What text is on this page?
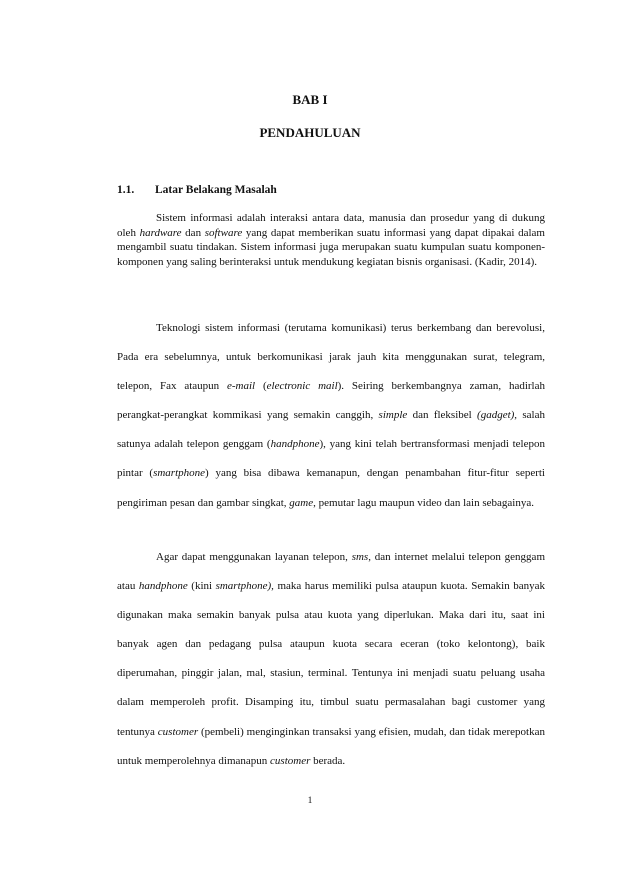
BAB I
PENDAHULUAN
1.1. Latar Belakang Masalah

Sistem informasi adalah interaksi antara data, manusia dan prosedur yang di dukung oleh hardware dan software yang dapat memberikan suatu informasi yang dapat dipakai dalam mengambil suatu tindakan. Sistem informasi juga merupakan suatu kumpulan suatu komponen-komponen yang saling berinteraksi untuk mendukung kegiatan bisnis organisasi. (Kadir, 2014).

Teknologi sistem informasi (terutama komunikasi) terus berkembang dan berevolusi, Pada era sebelumnya, untuk berkomunikasi jarak jauh kita menggunakan surat, telegram, telepon, Fax ataupun e-mail (electronic mail). Seiring berkembangnya zaman, hadirlah perangkat-perangkat kommikasi yang semakin canggih, simple dan fleksibel (gadget), salah satunya adalah telepon genggam (handphone), yang kini telah bertransformasi menjadi telepon pintar (smartphone) yang bisa dibawa kemanapun, dengan penambahan fitur-fitur seperti pengiriman pesan dan gambar singkat, game, pemutar lagu maupun video dan lain sebagainya.

Agar dapat menggunakan layanan telepon, sms, dan internet melalui telepon genggam atau handphone (kini smartphone), maka harus memiliki pulsa ataupun kuota. Semakin banyak digunakan maka semakin banyak pulsa atau kuota yang diperlukan. Maka dari itu, saat ini banyak agen dan pedagang pulsa ataupun kuota secara eceran (toko kelontong), baik diperumahan, pinggir jalan, mal, stasiun, terminal. Tentunya ini menjadi suatu peluang usaha dalam memperoleh profit. Disamping itu, timbul suatu permasalahan bagi customer yang tentunya customer (pembeli) menginginkan transaksi yang efisien, mudah, dan tidak merepotkan untuk memperolehnya dimanapun customer berada.

1
